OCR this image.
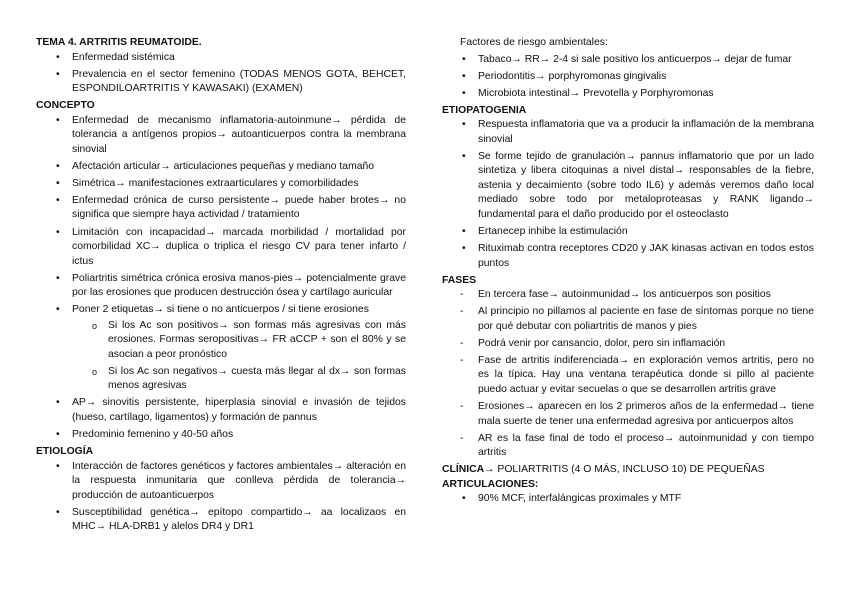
TEMA 4. ARTRITIS REUMATOIDE.

• Enfermedad sistémica
• Prevalencia en el sector femenino (TODAS MENOS GOTA, BEHCET, ESPONDILOARTRITIS Y KAWASAKI) (EXAMEN)

CONCEPTO

• Enfermedad de mecanismo inflamatoria-autoinmune→ pérdida de tolerancia a antígenos propios→ autoanticuerpos contra la membrana sinovial
• Afectación articular→ articulaciones pequeñas y mediano tamaño
• Simétrica→ manifestaciones extraarticulares y comorbilidades
• Enfermedad crónica de curso persistente→ puede haber brotes→ no significa que siempre haya actividad / tratamiento
• Limitación con incapacidad→ marcada morbilidad / mortalidad por comorbilidad XC→ duplica o triplica el riesgo CV para tener infarto / ictus
• Poliartritis simétrica crónica erosiva manos-pies→ potencialmente grave por las erosiones que producen destrucción ósea y cartílago auricular
• Poner 2 etiquetas→ si tiene o no anticuerpos / si tiene erosiones
o Si los Ac son positivos→ son formas más agresivas con más erosiones. Formas seropositivas→ FR aCCP + son el 80% y se asocian a peor pronóstico
o Si los Ac son negativos→ cuesta más llegar al dx→ son formas menos agresivas
• AP→ sinovitis persistente, hiperplasia sinovial e invasión de tejidos (hueso, cartílago, ligamentos) y formación de pannus
• Predominio femenino y 40-50 años

ETIOLOGÍA

• Interacción de factores genéticos y factores ambientales→ alteración en la respuesta inmunitaria que conlleva pérdida de tolerancia→ producción de autoanticuerpos
• Susceptibilidad genética→ epítopo compartido→ aa localizaos en MHC→ HLA-DRB1 y alelos DR4 y DR1

Factores de riesgo ambientales:

• Tabaco→ RR→ 2-4 si sale positivo los anticuerpos→ dejar de fumar
• Periodontitis→ porphyromonas gingivalis
• Microbiota intestinal→ Prevotella y Porphyromonas

ETIOPATOGENIA

• Respuesta inflamatoria que va a producir la inflamación de la membrana sinovial
• Se forme tejido de granulación→ pannus inflamatorio que por un lado sintetiza y libera citoquinas a nivel distal→ responsables de la fiebre, astenia y decaimiento (sobre todo IL6) y además veremos daño local mediado sobre todo por metaloproteasas y RANK ligando→ fundamental para el daño producido por el osteoclasto
• Ertanecep inhibe la estimulación
• Rituximab contra receptores CD20 y JAK kinasas activan en todos estos puntos

FASES

- En tercera fase→ autoinmunidad→ los anticuerpos son positios
- Al principio no pillamos al paciente en fase de síntomas porque no tiene por qué debutar con poliartritis de manos y pies
- Podrá venir por cansancio, dolor, pero sin inflamación
- Fase de artritis indiferenciada→ en exploración vemos artritis, pero no es la típica. Hay una ventana terapéutica donde si pillo al paciente puedo actuar y evitar secuelas o que se desarrollen artritis grave
- Erosiones→ aparecen en los 2 primeros años de la enfermedad→ tiene mala suerte de tener una enfermedad agresiva por anticuerpos altos
- AR es la fase final de todo el proceso→ autoinmunidad y con tiempo artritis

CLÍNICA→ POLIARTRITIS (4 O MÁS, INCLUSO 10) DE PEQUEÑAS

ARTICULACIONES:

• 90% MCF, interfalángicas proximales y MTF
